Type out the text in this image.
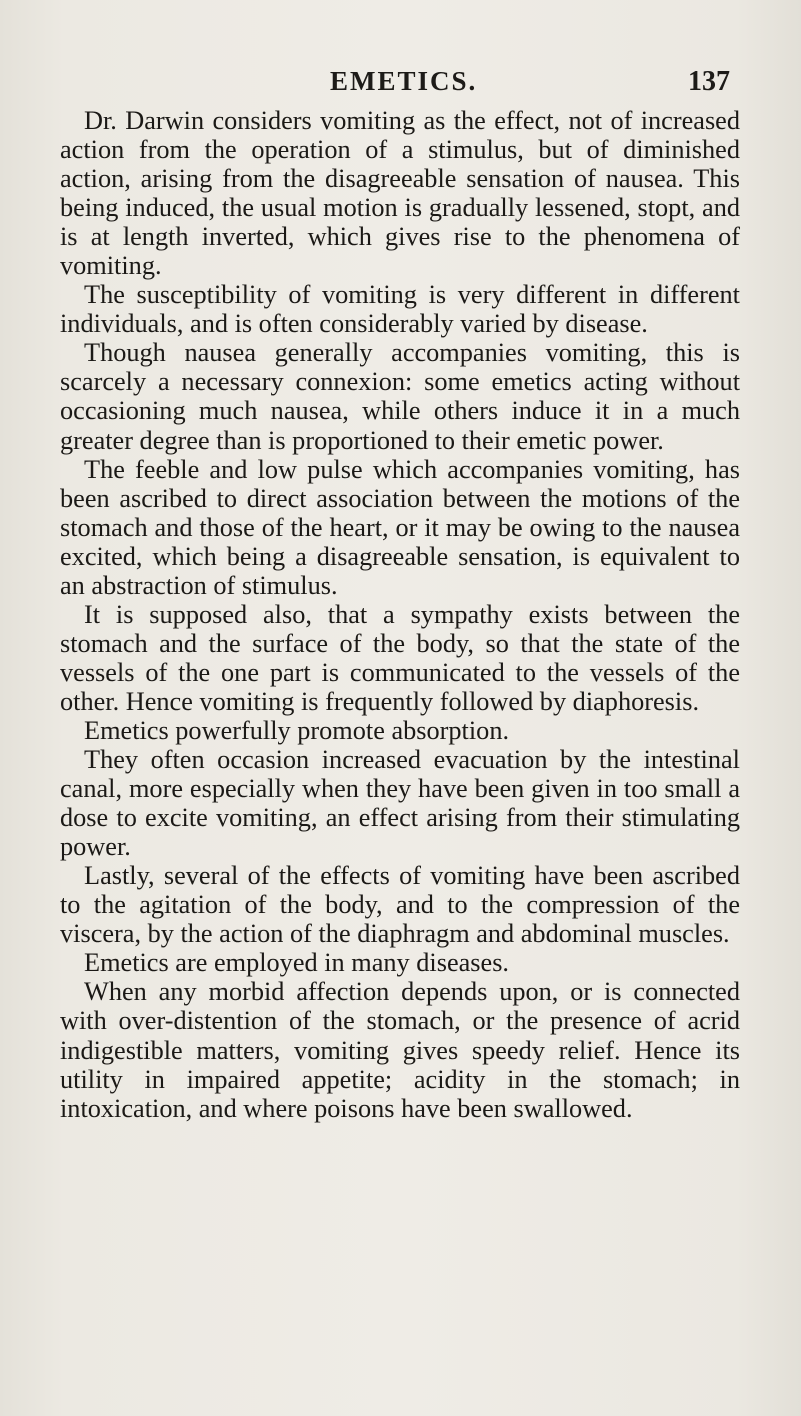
EMETICS.	137

Dr. Darwin considers vomiting as the effect, not of increased action from the operation of a stimulus, but of diminished action, arising from the disagreeable sensation of nausea. This being induced, the usual motion is gradually lessened, stopt, and is at length inverted, which gives rise to the phenomena of vomiting.

The susceptibility of vomiting is very different in different individuals, and is often considerably varied by disease.

Though nausea generally accompanies vomiting, this is scarcely a necessary connexion: some emetics acting without occasioning much nausea, while others induce it in a much greater degree than is proportioned to their emetic power.

The feeble and low pulse which accompanies vomiting, has been ascribed to direct association between the motions of the stomach and those of the heart, or it may be owing to the nausea excited, which being a disagreeable sensation, is equivalent to an abstraction of stimulus.

It is supposed also, that a sympathy exists between the stomach and the surface of the body, so that the state of the vessels of the one part is communicated to the vessels of the other. Hence vomiting is frequently followed by diaphoresis.

Emetics powerfully promote absorption.

They often occasion increased evacuation by the intestinal canal, more especially when they have been given in too small a dose to excite vomiting, an effect arising from their stimulating power.

Lastly, several of the effects of vomiting have been ascribed to the agitation of the body, and to the compression of the viscera, by the action of the diaphragm and abdominal muscles.

Emetics are employed in many diseases.

When any morbid affection depends upon, or is connected with over-distention of the stomach, or the presence of acrid indigestible matters, vomiting gives speedy relief. Hence its utility in impaired appetite; acidity in the stomach; in intoxication, and where poisons have been swallowed.
